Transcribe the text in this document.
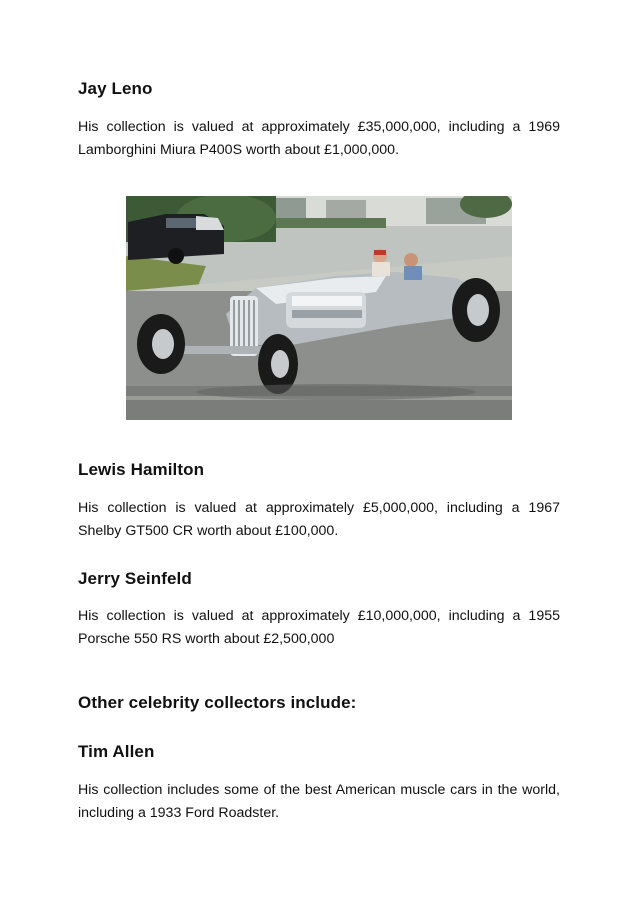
Jay Leno
His collection is valued at approximately £35,000,000, including a 1969 Lamborghini Miura P400S worth about £1,000,000.
Lewis Hamilton
His collection is valued at approximately £5,000,000, including a 1967 Shelby GT500 CR worth about £100,000.
Jerry Seinfeld
His collection is valued at approximately £10,000,000, including a 1955 Porsche 550 RS worth about £2,500,000
Other celebrity collectors include:
Tim Allen
His collection includes some of the best American muscle cars in the world, including a 1933 Ford Roadster.
